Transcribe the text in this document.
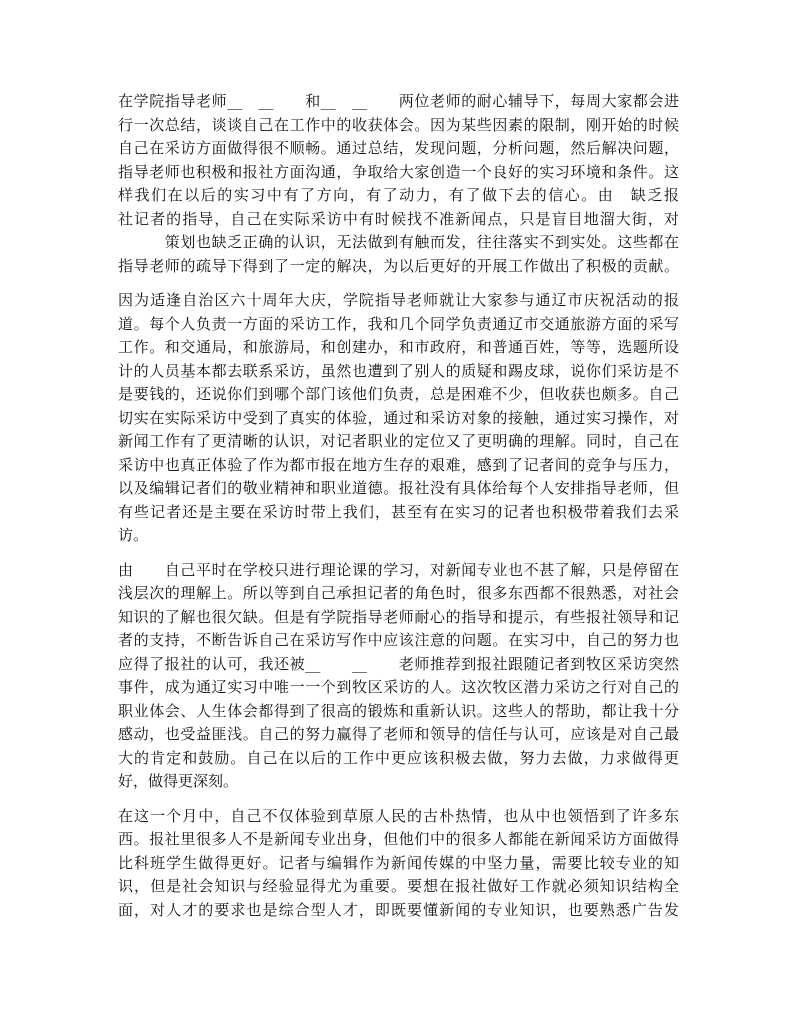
在学院指导老师__　__　　和__　__　　两位老师的耐心辅导下，每周大家都会进
行一次总结，谈谈自己在工作中的收获体会。因为某些因素的限制，刚开始的时候
自己在采访方面做得很不顺畅。通过总结，发现问题，分析问题，然后解决问题，
指导老师也积极和报社方面沟通，争取给大家创造一个良好的实习环境和条件。这
样我们在以后的实习中有了方向，有了动力，有了做下去的信心。由　缺乏报
社记者的指导，自己在实际采访中有时候找不准新闻点，只是盲目地溜大街，对
　　　策划也缺乏正确的认识，无法做到有触而发，往往落实不到实处。这些都在
指导老师的疏导下得到了一定的解决，为以后更好的开展工作做出了积极的贡献。
因为适逢自治区六十周年大庆，学院指导老师就让大家参与通辽市庆祝活动的报
道。每个人负责一方面的采访工作，我和几个同学负责通辽市交通旅游方面的采写
工作。和交通局，和旅游局，和创建办，和市政府，和普通百姓，等等，选题所设
计的人员基本都去联系采访，虽然也遭到了别人的质疑和踢皮球，说你们采访是不
是要钱的，还说你们到哪个部门该他们负责，总是困难不少，但收获也颇多。自己
切实在实际采访中受到了真实的体验，通过和采访对象的接触，通过实习操作，对
新闻工作有了更清晰的认识，对记者职业的定位又了更明确的理解。同时，自己在
采访中也真正体验了作为都市报在地方生存的艰难，感到了记者间的竞争与压力，
以及编辑记者们的敬业精神和职业道德。报社没有具体给每个人安排指导老师，但
有些记者还是主要在采访时带上我们，甚至有在实习的记者也积极带着我们去采
访。
由　　自己平时在学校只进行理论课的学习，对新闻专业也不甚了解，只是停留在
浅层次的理解上。所以等到自己承担记者的角色时，很多东西都不很熟悉，对社会
知识的了解也很欠缺。但是有学院指导老师耐心的指导和提示，有些报社领导和记
者的支持，不断告诉自己在采访写作中应该注意的问题。在实习中，自己的努力也
应得了报社的认可，我还被__　　__　　老师推荐到报社跟随记者到牧区采访突然
事件，成为通辽实习中唯一一个到牧区采访的人。这次牧区潜力采访之行对自己的
职业体会、人生体会都得到了很高的锻炼和重新认识。这些人的帮助，都让我十分
感动，也受益匪浅。自己的努力赢得了老师和领导的信任与认可，应该是对自己最
大的肯定和鼓励。自己在以后的工作中更应该积极去做，努力去做，力求做得更
好，做得更深刻。
在这一个月中，自己不仅体验到草原人民的古朴热情，也从中也领悟到了许多东
西。报社里很多人不是新闻专业出身，但他们中的很多人都能在新闻采访方面做得
比科班学生做得更好。记者与编辑作为新闻传媒的中坚力量，需要比较专业的知
识，但是社会知识与经验显得尤为重要。要想在报社做好工作就必须知识结构全
面，对人才的要求也是综合型人才，即既要懂新闻的专业知识，也要熟悉广告发
